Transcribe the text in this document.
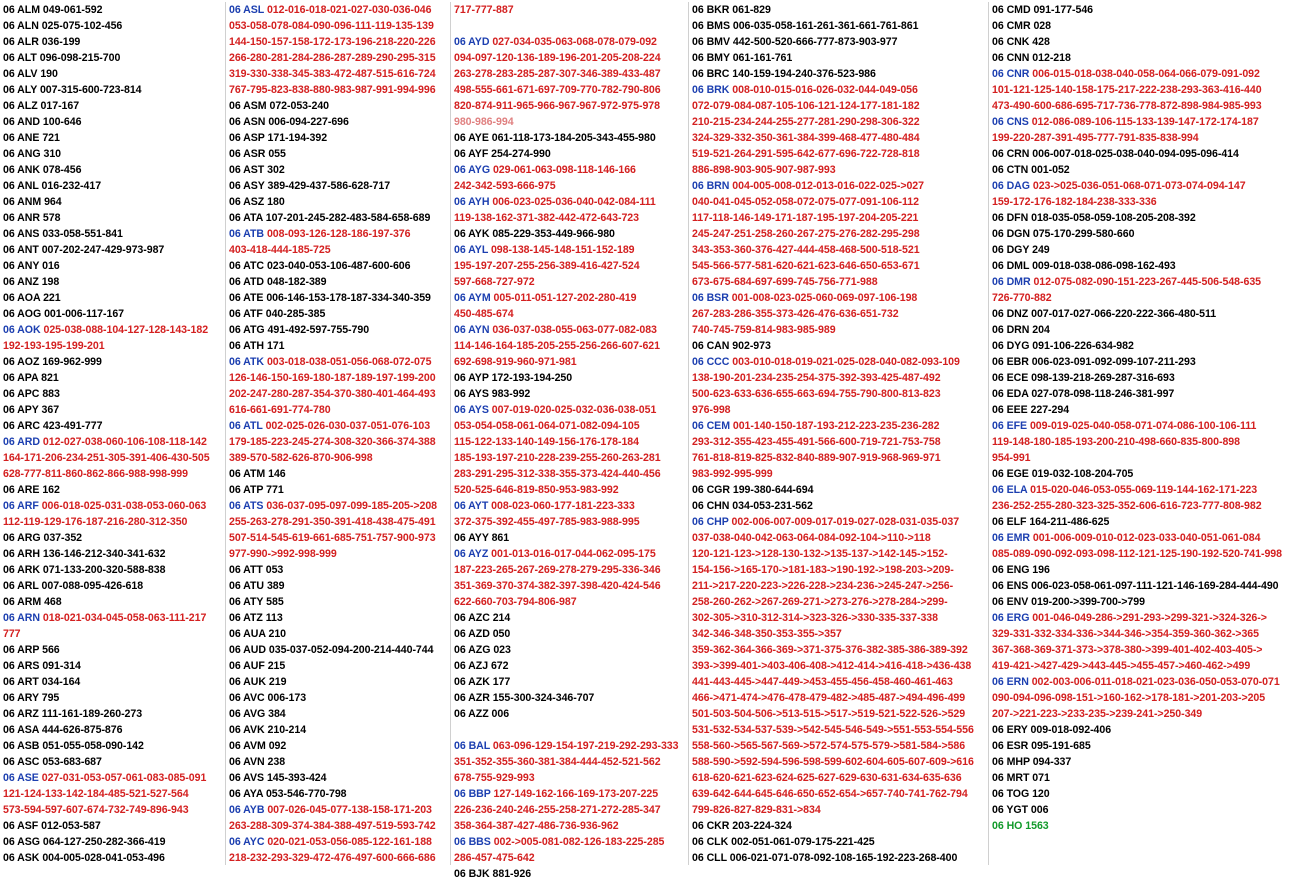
06 ALM 049-061-592
06 ALN 025-075-102-456
06 ALR 036-199
06 ALT 096-098-215-700
06 ALV 190
06 ALY 007-315-600-723-814
06 ALZ 017-167
06 AND 100-646
06 ANE 721
06 ANG 310
06 ANK 078-456
06 ANL 016-232-417
06 ANM 964
06 ANR 578
06 ANS 033-058-551-841
06 ANT 007-202-247-429-973-987
06 ANY 016
06 ANZ 198
06 AOA 221
06 AOG 001-006-117-167
06 AOK 025-038-088-104-127-128-143-182
192-193-195-199-201
06 AOZ 169-962-999
06 APA 821
06 APC 883
06 APY 367
06 ARC 423-491-777
06 ARD 012-027-038-060-106-108-118-142
164-171-206-234-251-305-391-406-430-505
628-777-811-860-862-866-988-998-999
06 ARE 162
06 ARF 006-018-025-031-038-053-060-063
112-119-129-176-187-216-280-312-350
06 ARG 037-352
06 ARH 136-146-212-340-341-632
06 ARK 071-133-200-320-588-838
06 ARL 007-088-095-426-618
06 ARM 468
06 ARN 018-021-034-045-058-063-111-217
777
06 ARP 566
06 ARS 091-314
06 ART 034-164
06 ARY 795
06 ARZ 111-161-189-260-273
06 ASA 444-626-875-876
06 ASB 051-055-058-090-142
06 ASC 053-683-687
06 ASE 027-031-053-057-061-083-085-091
121-124-133-142-184-485-521-527-564
573-594-597-607-674-732-749-896-943
06 ASF 012-053-587
06 ASG 064-127-250-282-366-419
06 ASK 004-005-028-041-053-496
06 ASL 012-016-018-021-027-030-036-046
053-058-078-084-090-096-111-119-135-139
144-150-157-158-172-173-196-218-220-226
266-280-281-284-286-287-289-290-295-315
319-330-338-345-383-472-487-515-616-724
767-795-823-838-880-983-987-991-994-996
06 ASM 072-053-240
06 ASN 006-094-227-696
06 ASP 171-194-392
06 ASR 055
06 AST 302
06 ASY 389-429-437-586-628-717
06 ASZ 180
06 ATA 107-201-245-282-483-584-658-689
06 ATB 008-093-126-128-186-197-376
403-418-444-185-725
06 ATC 023-040-053-106-487-600-606
06 ATD 048-182-389
06 ATE 006-146-153-178-187-334-340-359
06 ATF 040-285-385
06 ATG 491-492-597-755-790
06 ATH 171
06 ATK 003-018-038-051-056-068-072-075
126-146-150-169-180-187-189-197-199-200
202-247-280-287-354-370-380-401-464-493
616-661-691-774-780
06 ATL 002-025-026-030-037-051-076-103
179-185-223-245-274-308-320-366-374-388
389-570-582-626-870-906-998
06 ATM 146
06 ATP 771
06 ATS 036-037-095-097-099-185-205->208
255-263-278-291-350-391-418-438-475-491
507-514-545-619-661-685-751-757-900-973
977-990->992-998-999
06 ATT 053
06 ATU 389
06 ATY 585
06 ATZ 113
06 AUA 210
06 AUD 035-037-052-094-200-214-440-744
06 AUF 215
06 AUK 219
06 AVC 006-173
06 AVG 384
06 AVK 210-214
06 AVM 092
06 AVN 238
06 AVS 145-393-424
06 AYA 053-546-770-798
06 AYB 007-026-045-077-138-158-171-203
263-288-309-374-384-388-497-519-593-742
06 AYC 020-021-053-056-085-122-161-188
218-232-293-329-472-476-497-600-666-686
717-777-887
06 AYD 027-034-035-063-068-078-079-092
094-097-120-136-189-196-201-205-208-224
263-278-283-285-287-307-346-389-433-487
498-555-661-671-697-709-770-782-790-806
820-874-911-965-966-967-967-972-975-978
980-986-994
06 AYE 061-118-173-184-205-343-455-980
06 AYF 254-274-990
06 AYG 029-061-063-098-118-146-166
242-342-593-666-975
06 AYH 006-023-025-036-040-042-084-111
119-138-162-371-382-442-472-643-723
06 AYK 085-229-353-449-966-980
06 AYL 098-138-145-148-151-152-189
195-197-207-255-256-389-416-427-524
597-668-727-972
06 AYM 005-011-051-127-202-280-419
450-485-674
06 AYN 036-037-038-055-063-077-082-083
114-146-164-185-205-255-256-266-607-621
692-698-919-960-971-981
06 AYP 172-193-194-250
06 AYS 983-992
06 AYS 007-019-020-025-032-036-038-051
053-054-058-061-064-071-082-094-105
115-122-133-140-149-156-176-178-184
185-193-197-210-228-239-255-260-263-281
283-291-295-312-338-355-373-424-440-456
520-525-646-819-850-953-983-992
06 AYT 008-023-060-177-181-223-333
372-375-392-455-497-785-983-988-995
06 AYY 861
06 AYZ 001-013-016-017-044-062-095-175
187-223-265-267-269-278-279-295-336-346
351-369-370-374-382-397-398-420-424-546
622-660-703-794-806-987
06 AZC 214
06 AZD 050
06 AZG 023
06 AZJ 672
06 AZK 177
06 AZR 155-300-324-346-707
06 AZZ 006
06 BAL 063-096-129-154-197-219-292-293-333
351-352-355-360-381-384-444-452-521-562
678-755-929-993
06 BBP 127-149-162-166-169-173-207-225
226-236-240-246-255-258-271-272-285-347
358-364-387-427-486-736-936-962
06 BBS 002->005-081-082-126-183-225-285
286-457-475-642
06 BJK 881-926
06 BKR 061-829
06 BMS 006-035-058-161-261-361-661-761-861
06 BMV 442-500-520-666-777-873-903-977
06 BMY 061-161-761
06 BRC 140-159-194-240-376-523-986
06 BRK 008-010-015-016-026-032-044-049-056
072-079-084-087-105-106-121-124-177-181-182
210-215-234-244-255-277-281-290-298-306-322
324-329-332-350-361-384-399-468-477-480-484
519-521-264-291-595-642-677-696-722-728-818
886-898-903-905-907-987-993
06 BRN 004-005-008-012-013-016-022-025->027
040-041-045-052-058-072-075-077-091-106-112
117-118-146-149-171-187-195-197-204-205-221
245-247-251-258-260-267-275-276-282-295-298
343-353-360-376-427-444-458-468-500-518-521
545-566-577-581-620-621-623-646-650-653-671
673-675-684-697-699-745-756-771-988
06 BSR 001-008-023-025-060-069-097-106-198
267-283-286-355-373-426-476-636-651-732
740-745-759-814-983-985-989
06 CAN 902-973
06 CCC 003-010-018-019-021-025-028-040-082-093-109
138-190-201-234-235-254-375-392-393-425-487-492
500-623-633-636-655-663-694-755-790-800-813-823
976-998
06 CEM 001-140-150-187-193-212-223-235-236-282
293-312-355-423-455-491-566-600-719-721-753-758
761-818-819-825-832-840-889-907-919-968-969-971
983-992-995-999
06 CGR 199-380-644-694
06 CHN 034-053-231-562
06 CHP 002-006-007-009-017-019-027-028-031-035-037
037-038-040-042-063-064-084-092-104->110->118
120-121-123->128-130-132->135-137->142-145->152-
154-156->165-170->181-183->190-192->198-203->209-
211->217-220-223->226-228->234-236->245-247->256-
258-260-262->267-269-271->273-276->278-284->299-
302-305->310-312-314->323-326->330-335-337-338
342-346-348-350-353-355->357
359-362-364-366-369->371-375-376-382-385-386-389-392
393->399-401->403-406-408->412-414->416-418->436-438
441-443-445->447-449->453-455-456-458-460-461-463
466->471-474->476-478-479-482->485-487->494-496-499
501-503-504-506->513-515->517->519-521-522-526->529
531-532-534-537-539->542-545-546-549->551-553-554-556
558-560->565-567-569->572-574-575-579->581-584->586
588-590->592-594-596-598-599-602-604-605-607-609->616
618-620-621-623-624-625-627-629-630-631-634-635-636
639-642-644-645-646-650-652-654->657-740-741-762-794
799-826-827-829-831->834
06 CKR 203-224-324
06 CLK 002-051-061-079-175-221-425
06 CLL 006-021-071-078-092-108-165-192-223-268-400
06 CMD 091-177-546
06 CMR 028
06 CNK 428
06 CNN 012-218
06 CNR 006-015-018-038-040-058-064-066-079-091-092
101-121-125-140-158-175-217-222-238-293-363-416-440
473-490-600-686-695-717-736-778-872-898-984-985-993
06 CNS 012-086-089-106-115-133-139-147-172-174-187
199-220-287-391-495-777-791-835-838-994
06 CRN 006-007-018-025-038-040-094-095-096-414
06 CTN 001-052
06 DAG 023->025-036-051-068-071-073-074-094-147
159-172-176-182-184-238-333-336
06 DFN 018-035-058-059-108-205-208-392
06 DGN 075-170-299-580-660
06 DGY 249
06 DML 009-018-038-086-098-162-493
06 DMR 012-075-082-090-151-223-267-445-506-548-635
726-770-882
06 DNZ 007-017-027-066-220-222-366-480-511
06 DRN 204
06 DYG 091-106-226-634-982
06 EBR 006-023-091-092-099-107-211-293
06 ECE 098-139-218-269-287-316-693
06 EDA 027-078-098-118-246-381-997
06 EEE 227-294
06 EFE 009-019-025-040-058-071-074-086-100-106-111
119-148-180-185-193-200-210-498-660-835-800-898
954-991
06 EGE 019-032-108-204-705
06 ELA 015-020-046-053-055-069-119-144-162-171-223
236-252-255-280-323-325-352-606-616-723-777-808-982
06 ELF 164-211-486-625
06 EMR 001-006-009-010-012-023-033-040-051-061-084
085-089-090-092-093-098-112-121-125-190-192-520-741-998
06 ENG 196
06 ENS 006-023-058-061-097-111-121-146-169-284-444-490
06 ENV 019-200->399-700->799
06 ERG 001-046-049-286->291-293->299-321->324-326->
329-331-332-334-336->344-346->354-359-360-362->365
367-368-369-371-373->378-380->399-401-402-403-405->
419-421->427-429->443-445->455-457->460-462->499
06 ERN 002-003-006-011-018-021-023-036-050-053-070-071
090-094-096-098-151->160-162->178-181->201-203->205
207->221-223->233-235->239-241->250-349
06 ERY 009-018-092-406
06 ESR 095-191-685
06 MHP 094-337
06 MRT 071
06 TOG 120
06 YGT 006
06 HO 1563
